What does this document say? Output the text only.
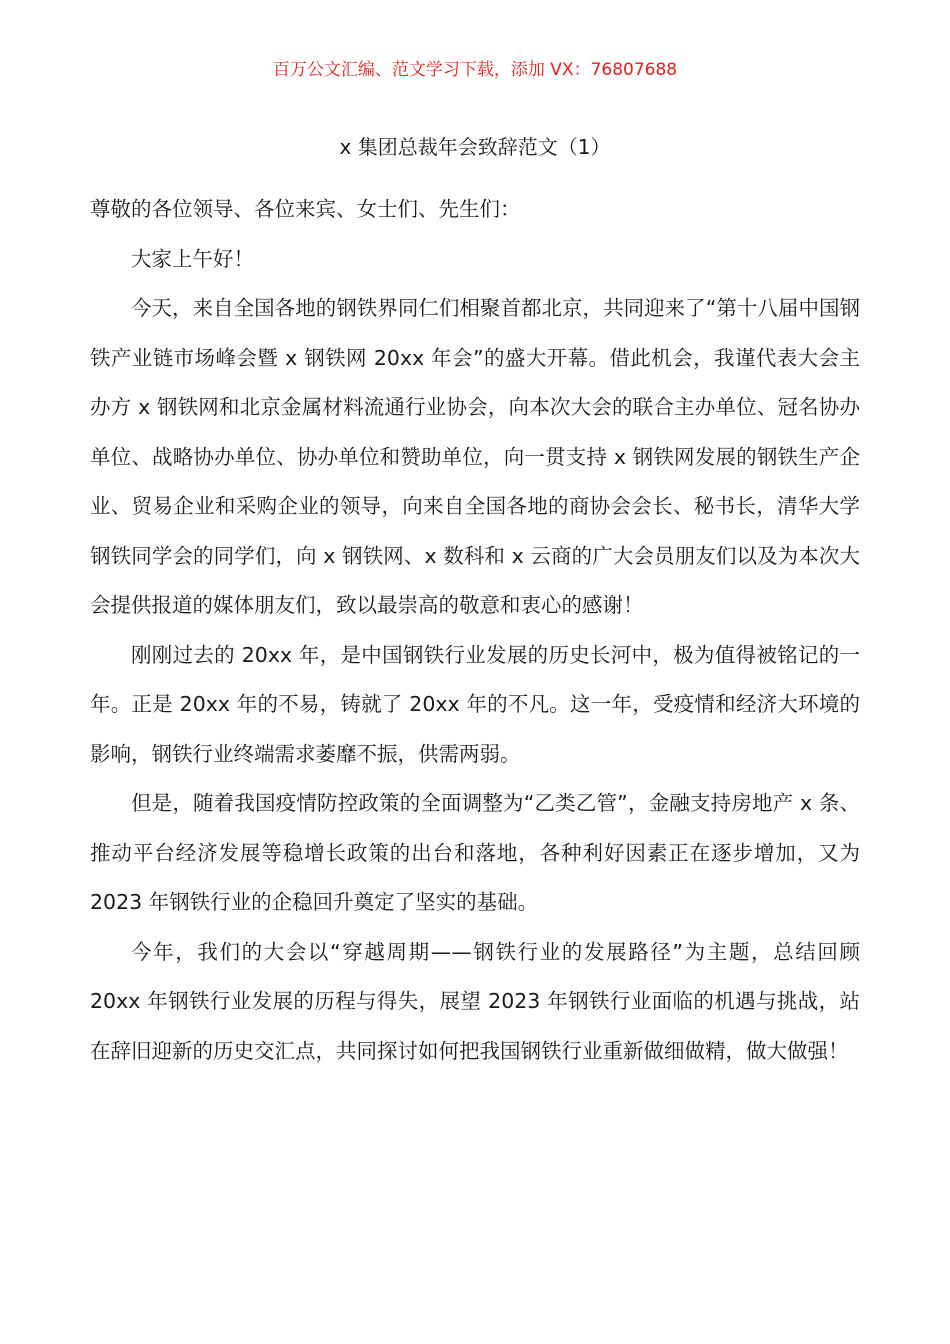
百万公文汇编、范文学习下载，添加 VX：76807688
x 集团总裁年会致辞范文（1）

尊敬的各位领导、各位来宾、女士们、先生们：

大家上午好！

今天，来自全国各地的钢铁界同仁们相聚首都北京，共同迎来了“第十八届中国钢铁产业链市场峰会暨 x 钢铁网 20xx 年会”的盛大开幕。借此机会，我谨代表大会主办方 x 钢铁网和北京金属材料流通行业协会，向本次大会的联合主办单位、冠名协办单位、战略协办单位、协办单位和赞助单位，向一贯支持 x 钢铁网发展的钢铁生产企业、贸易企业和采购企业的领导，向来自全国各地的商协会会长、秘书长，清华大学钢铁同学会的同学们，向 x 钢铁网、x 数科和 x 云商的广大会员朋友们以及为本次大会提供报道的媒体朋友们，致以最崇高的敬意和衷心的感谢！

刚刚过去的 20xx 年，是中国钢铁行业发展的历史长河中，极为值得被铭记的一年。正是 20xx 年的不易，铸就了 20xx 年的不凡。这一年，受疫情和经济大环境的影响，钢铁行业终端需求萎靡不振，供需两弱。

但是，随着我国疫情防控政策的全面调整为“乙类乙管”，金融支持房地产 x 条、推动平台经济发展等稳增长政策的出台和落地，各种利好因素正在逐步增加，又为 2023 年钢铁行业的企稳回升奠定了坚实的基础。

今年，我们的大会以“穿越周期——钢铁行业的发展路径”为主题，总结回顾 20xx 年钢铁行业发展的历程与得失，展望 2023 年钢铁行业面临的机遇与挑战，站在辞旧迎新的历史交汇点，共同探讨如何把我国钢铁行业重新做细做精，做大做强！
